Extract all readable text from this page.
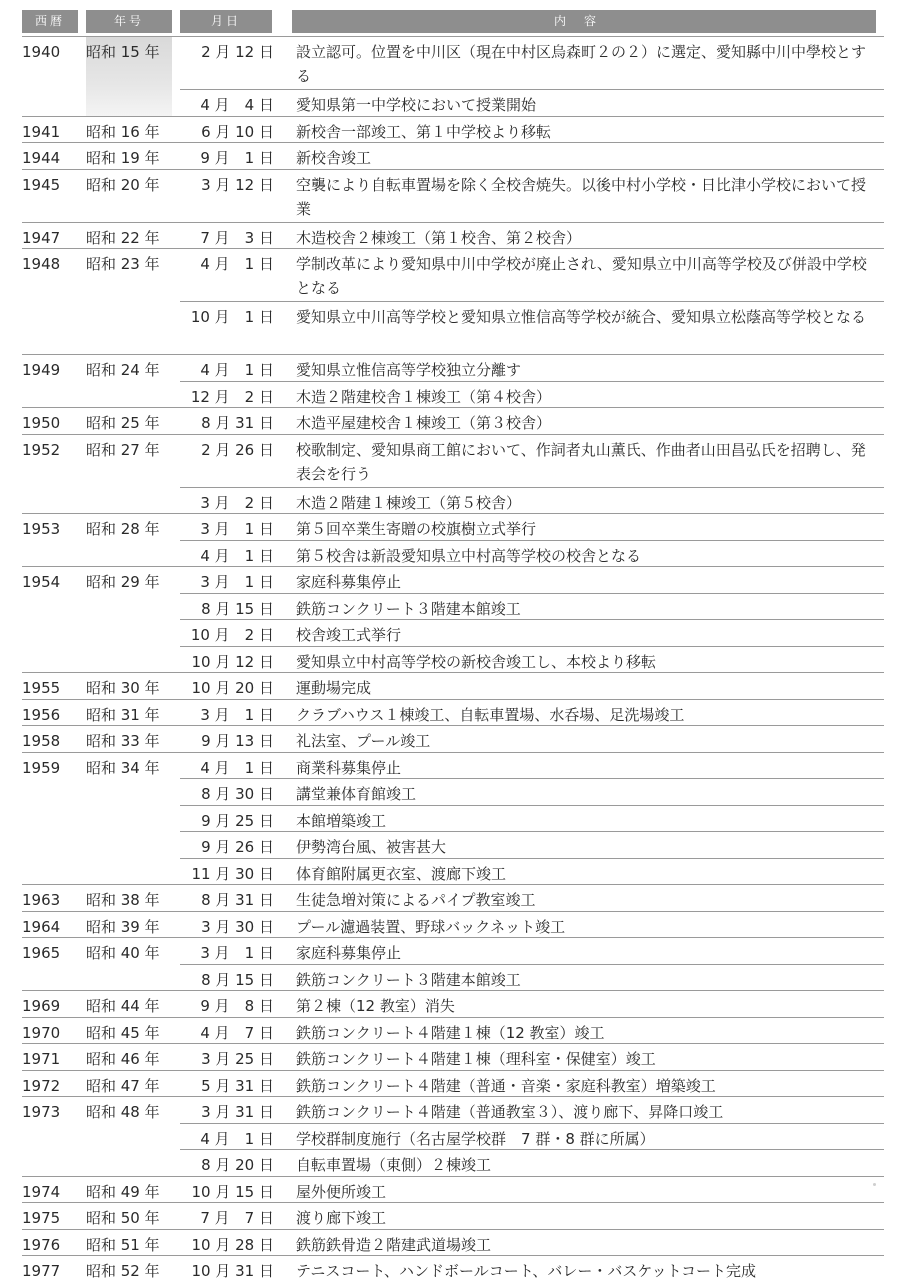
西暦	年号	月日	内容
1940	昭和 15 年	2 月 12 日 設立認可。位置を中川区（現在中村区烏森町２の２）に選定、愛知縣中川中學校とする
4 月　4 日 愛知県第一中学校において授業開始
1941	昭和 16 年	6 月 10 日 新校舎一部竣工、第１中学校より移転
1944	昭和 19 年	9 月　1 日 新校舎竣工
1945	昭和 20 年	3 月 12 日 空襲により自転車置場を除く全校舎焼失。以後中村小学校・日比津小学校において授業
1947	昭和 22 年	7 月　3 日 木造校舎２棟竣工（第１校舎、第２校舎）
1948	昭和 23 年	4 月　1 日 学制改革により愛知県中川中学校が廃止され、愛知県立中川高等学校及び併設中学校となる
10 月　1 日 愛知県立中川高等学校と愛知県立惟信高等学校が統合、愛知県立松蔭高等学校となる
1949	昭和 24 年	4 月　1 日 愛知県立惟信高等学校独立分離す
12 月　2 日 木造２階建校舎１棟竣工（第４校舎）
1950	昭和 25 年	8 月 31 日 木造平屋建校舎１棟竣工（第３校舎）
1952	昭和 27 年	2 月 26 日 校歌制定、愛知県商工館において、作詞者丸山薫氏、作曲者山田昌弘氏を招聘し、発表会を行う
3 月　2 日 木造２階建１棟竣工（第５校舎）
1953	昭和 28 年	3 月　1 日 第５回卒業生寄贈の校旗樹立式挙行
4 月　1 日 第５校舎は新設愛知県立中村高等学校の校舎となる
1954	昭和 29 年	3 月　1 日 家庭科募集停止
8 月 15 日 鉄筋コンクリート３階建本館竣工
10 月　2 日 校舎竣工式挙行
10 月 12 日 愛知県立中村高等学校の新校舎竣工し、本校より移転
1955	昭和 30 年	10 月 20 日 運動場完成
1956	昭和 31 年	3 月　1 日 クラブハウス１棟竣工、自転車置場、水呑場、足洗場竣工
1958	昭和 33 年	9 月 13 日 礼法室、プール竣工
1959	昭和 34 年	4 月　1 日 商業科募集停止
8 月 30 日 講堂兼体育館竣工
9 月 25 日 本館増築竣工
9 月 26 日 伊勢湾台風、被害甚大
11 月 30 日 体育館附属更衣室、渡廊下竣工
1963	昭和 38 年	8 月 31 日 生徒急増対策によるパイプ教室竣工
1964	昭和 39 年	3 月 30 日 プール濾過装置、野球バックネット竣工
1965	昭和 40 年	3 月　1 日 家庭科募集停止
8 月 15 日 鉄筋コンクリート３階建本館竣工
1969	昭和 44 年	9 月　8 日 第２棟（12 教室）消失
1970	昭和 45 年	4 月　7 日 鉄筋コンクリート４階建１棟（12 教室）竣工
1971	昭和 46 年	3 月 25 日 鉄筋コンクリート４階建１棟（理科室・保健室）竣工
1972	昭和 47 年	5 月 31 日 鉄筋コンクリート４階建（普通・音楽・家庭科教室）増築竣工
1973	昭和 48 年	3 月 31 日 鉄筋コンクリート４階建（普通教室３）、渡り廊下、昇降口竣工
4 月　1 日 学校群制度施行（名古屋学校群　7 群・8 群に所属）
8 月 20 日 自転車置場（東側）２棟竣工
1974	昭和 49 年	10 月 15 日 屋外便所竣工
1975	昭和 50 年	7 月　7 日 渡り廊下竣工
1976	昭和 51 年	10 月 28 日 鉄筋鉄骨造２階建武道場竣工
1977	昭和 52 年	10 月 31 日 テニスコート、ハンドボールコート、バレー・バスケットコート完成
